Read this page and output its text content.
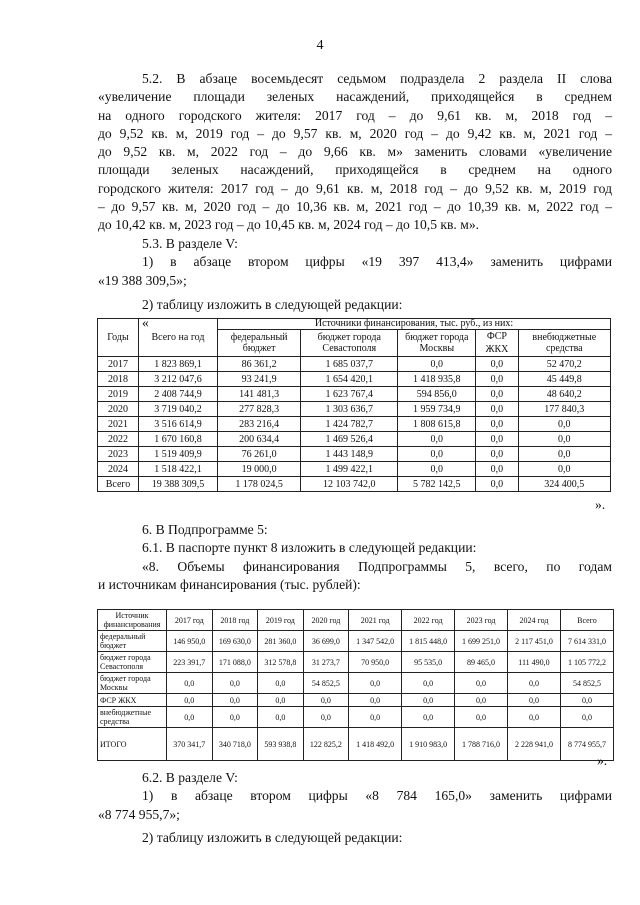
4
5.2. В абзаце восемьдесят седьмом подраздела 2 раздела II слова
«увеличение площади зеленых насаждений, приходящейся в среднем
на одного городского жителя: 2017 год – до 9,61 кв. м, 2018 год –
до 9,52 кв. м, 2019 год – до 9,57 кв. м, 2020 год – до 9,42 кв. м, 2021 год –
до 9,52 кв. м, 2022 год – до 9,66 кв. м» заменить словами «увеличение
площади зеленых насаждений, приходящейся в среднем на одного
городского жителя: 2017 год – до 9,61 кв. м, 2018 год – до 9,52 кв. м, 2019 год
– до 9,57 кв. м, 2020 год – до 10,36 кв. м, 2021 год – до 10,39 кв. м, 2022 год –
до 10,42 кв. м, 2023 год – до 10,45 кв. м, 2024 год – до 10,5 кв. м».
5.3. В разделе V:
1) в абзаце втором цифры «19 397 413,4» заменить цифрами
«19 388 309,5»;
2) таблицу изложить в следующей редакции:
«
Годы	Всего на год	Источники финансирования, тыс. руб., из них:				
		федеральный бюджет	бюджет города Севастополя	бюджет города Москвы	ФСР ЖКХ	внебюджетные средства
2017	1 823 869,1	86 361,2	1 685 037,7	0,0	0,0	52 470,2
2018	3 212 047,6	93 241,9	1 654 420,1	1 418 935,8	0,0	45 449,8
2019	2 408 744,9	141 481,3	1 623 767,4	594 856,0	0,0	48 640,2
2020	3 719 040,2	277 828,3	1 303 636,7	1 959 734,9	0,0	177 840,3
2021	3 516 614,9	283 216,4	1 424 782,7	1 808 615,8	0,0	0,0
2022	1 670 160,8	200 634,4	1 469 526,4	0,0	0,0	0,0
2023	1 519 409,9	76 261,0	1 443 148,9	0,0	0,0	0,0
2024	1 518 422,1	19 000,0	1 499 422,1	0,0	0,0	0,0
Всего	19 388 309,5	1 178 024,5	12 103 742,0	5 782 142,5	0,0	324 400,5
».
6. В Подпрограмме 5:
6.1. В паспорте пункт 8 изложить в следующей редакции:
«8. Объемы финансирования Подпрограммы 5, всего, по годам
и источникам финансирования (тыс. рублей):
Источник финансирования	2017 год	2018 год	2019 год	2020 год	2021 год	2022 год	2023 год	2024 год	Всего
федеральный бюджет	146 950,0	169 630,0	281 360,0	36 699,0	1 347 542,0	1 815 448,0	1 699 251,0	2 117 451,0	7 614 331,0
бюджет города Севастополя	223 391,7	171 088,0	312 578,8	31 273,7	70 950,0	95 535,0	89 465,0	111 490,0	1 105 772,2
бюджет города Москвы	0,0	0,0	0,0	54 852,5	0,0	0,0	0,0	0,0	54 852,5
ФСР ЖКХ	0,0	0,0	0,0	0,0	0,0	0,0	0,0	0,0	0,0
внебюджетные средства	0,0	0,0	0,0	0,0	0,0	0,0	0,0	0,0	0,0
ИТОГО	370 341,7	340 718,0	593 938,8	122 825,2	1 418 492,0	1 910 983,0	1 788 716,0	2 228 941,0	8 774 955,7
».
6.2. В разделе V:
1) в абзаце втором цифры «8 784 165,0» заменить цифрами
«8 774 955,7»;
2) таблицу изложить в следующей редакции:
